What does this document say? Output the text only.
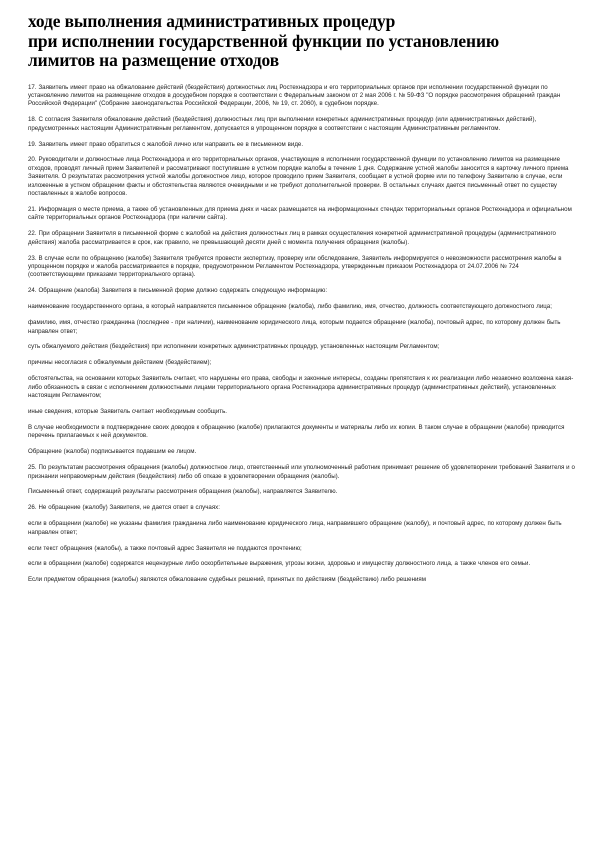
ходе выполнения административных процедур
при исполнении государственной функции по установлению
лимитов на размещение отходов

17. Заявитель имеет право на обжалование действий (бездействия) должностных лиц Ростехнадзора и его территориальных органов при исполнении государственной функции по установлению лимитов на размещение отходов в досудебном порядке в соответствии с Федеральным законом от 2 мая 2006 г. № 59-ФЗ "О порядке рассмотрения обращений граждан Российской Федерации" (Собрание законодательства Российской Федерации, 2006, № 19, ст. 2060), в судебном порядке.

18. С согласия Заявителя обжалование действий (бездействия) должностных лиц при выполнении конкретных административных процедур (или административных действий), предусмотренных настоящим Административным регламентом, допускается в упрощенном порядке в соответствии с настоящим Административным регламентом.

19. Заявитель имеет право обратиться с жалобой лично или направить ее в письменном виде.

20. Руководители и должностные лица Ростехнадзора и его территориальных органов, участвующие в исполнении государственной функции по установлению лимитов на размещение отходов, проводят личный прием Заявителей и рассматривают поступившие в устном порядке жалобы в течение 1 дня. Содержание устной жалобы заносится в карточку личного приема Заявителя. О результатах рассмотрения устной жалобы должностное лицо, которое проводило прием Заявителя, сообщает в устной форме или по телефону Заявителю в случае, если изложенные в устном обращении факты и обстоятельства являются очевидными и не требуют дополнительной проверки. В остальных случаях дается письменный ответ по существу поставленных в жалобе вопросов.

21. Информация о месте приема, а также об установленных для приема днях и часах размещается на информационных стендах территориальных органов Ростехнадзора и официальном сайте территориальных органов Ростехнадзора (при наличии сайта).

22. При обращении Заявителя в письменной форме с жалобой на действия должностных лиц в рамках осуществления конкретной административной процедуры (административного действия) жалоба рассматривается в срок, как правило, не превышающий десяти дней с момента получения обращения (жалобы).

23. В случае если по обращению (жалобе) Заявителя требуется провести экспертизу, проверку или обследование, Заявитель информируется о невозможности рассмотрения жалобы в упрощенном порядке и жалоба рассматривается в порядке, предусмотренном Регламентом Ростехнадзора, утвержденным приказом Ростехнадзора от 24.07.2006 № 724 (соответствующими приказами территориального органа).

24. Обращение (жалоба) Заявителя в письменной форме должно содержать следующую информацию:

наименование государственного органа, в который направляется письменное обращение (жалоба), либо фамилию, имя, отчество, должность соответствующего должностного лица;

фамилию, имя, отчество гражданина (последнее - при наличии), наименование юридического лица, которым подается обращение (жалоба), почтовый адрес, по которому должен быть направлен ответ;

суть обжалуемого действия (бездействия) при исполнении конкретных административных процедур, установленных настоящим Регламентом;

причины несогласия с обжалуемым действием (бездействием);

обстоятельства, на основании которых Заявитель считает, что нарушены его права, свободы и законные интересы, созданы препятствия к их реализации либо незаконно возложена какая-либо обязанность в связи с исполнением должностными лицами территориального органа Ростехнадзора административных процедур (административных действий), установленных настоящим Регламентом;

иные сведения, которые Заявитель считает необходимым сообщить.

В случае необходимости в подтверждение своих доводов к обращению (жалобе) прилагаются документы и материалы либо их копии. В таком случае в обращении (жалобе) приводится перечень прилагаемых к ней документов.

Обращение (жалоба) подписывается подавшим ее лицом.

25. По результатам рассмотрения обращения (жалобы) должностное лицо, ответственный или уполномоченный работник принимает решение об удовлетворении требований Заявителя и о признании неправомерным действия (бездействия) либо об отказе в удовлетворении обращения (жалобы).

Письменный ответ, содержащий результаты рассмотрения обращения (жалобы), направляется Заявителю.

26. Не обращение (жалобу) Заявителя, не дается ответ в случаях:

если в обращении (жалобе) не указаны фамилия гражданина либо наименование юридического лица, направившего обращение (жалобу), и почтовый адрес, по которому должен быть направлен ответ;

если текст обращения (жалобы), а также почтовый адрес Заявителя не поддаются прочтению;

если в обращении (жалобе) содержатся нецензурные либо оскорбительные выражения, угрозы жизни, здоровью и имуществу должностного лица, а также членов его семьи.

Если предметом обращения (жалобы) являются обжалование судебных решений, принятых по действиям (бездействию) либо решениям
